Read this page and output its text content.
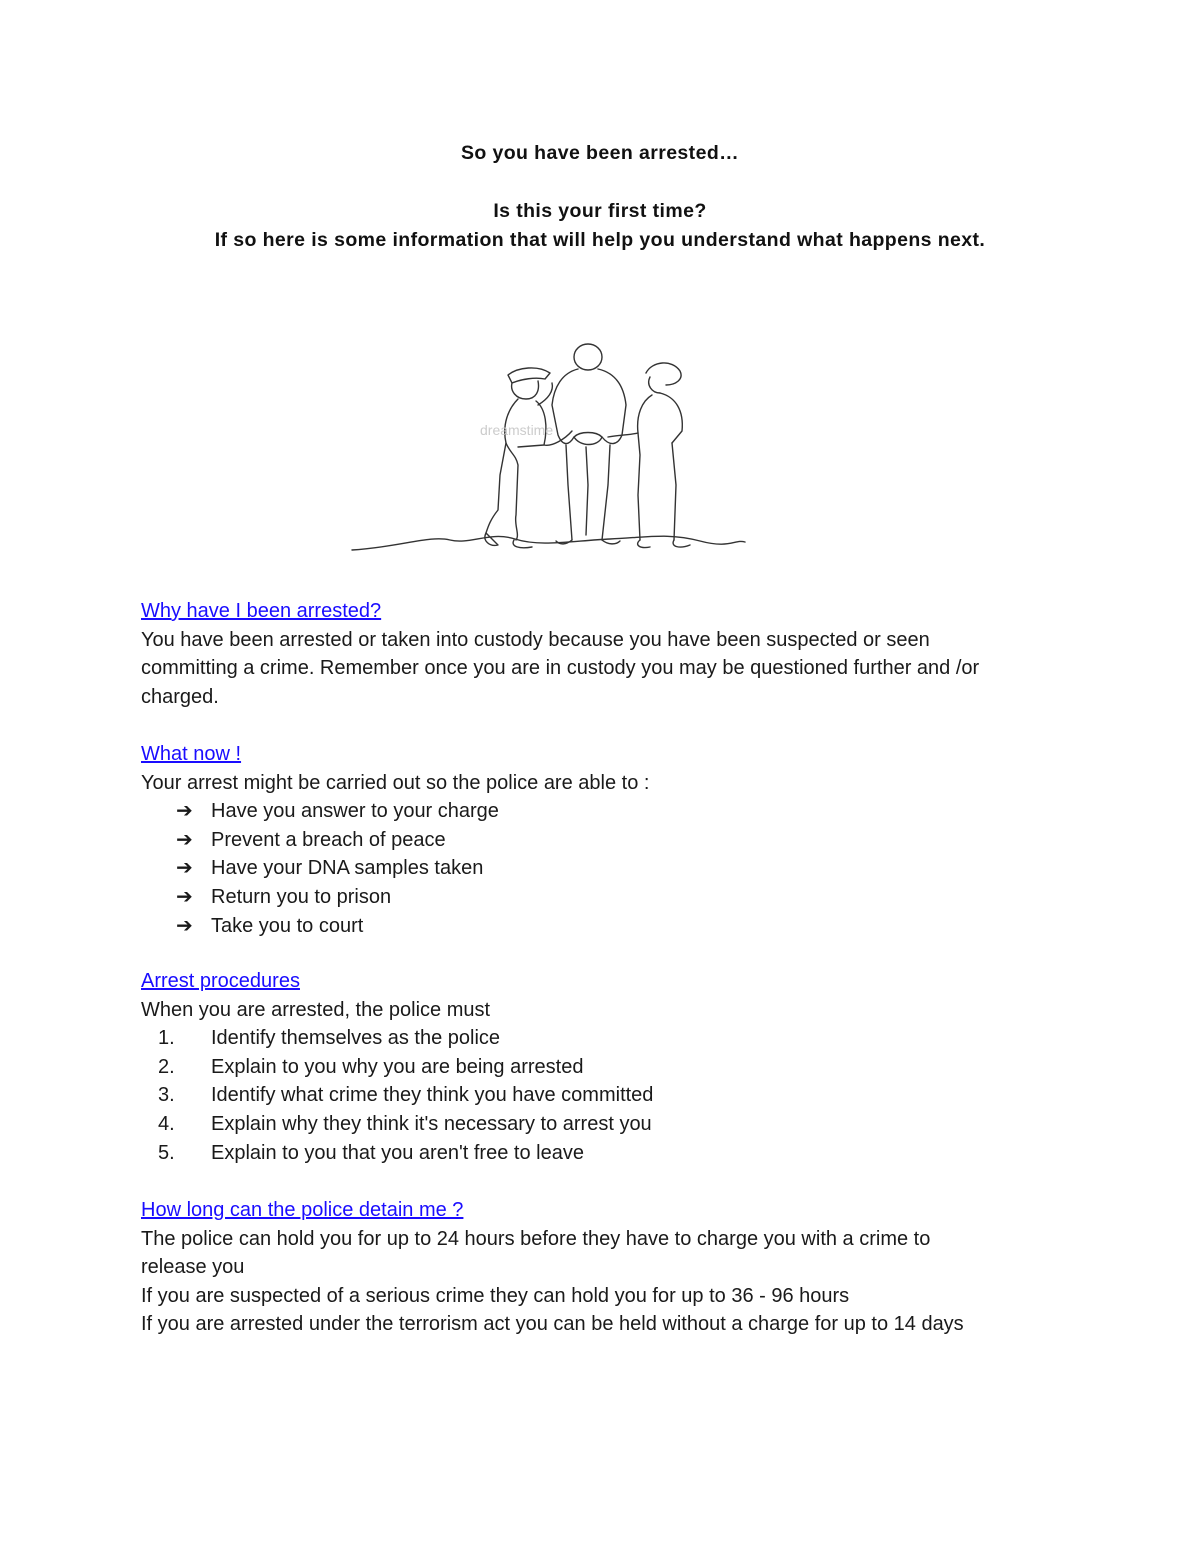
So you have been arrested…
Is this your first time?
If so here is some information that will help you understand what happens next.
dreamstime
Why have I been arrested?
You have been arrested or taken into custody because you have been suspected or seen
committing a crime. Remember once you are in custody you may be questioned further and /or
charged.
What now !
Your arrest might be carried out so the police are able to :
➔ Have you answer to your charge
➔ Prevent a breach of peace
➔ Have your DNA samples taken
➔ Return you to prison
➔ Take you to court
Arrest procedures
When you are arrested, the police must
1. Identify themselves as the police
2. Explain to you why you are being arrested
3. Identify what crime they think you have committed
4. Explain why they think it's necessary to arrest you
5. Explain to you that you aren't free to leave
How long can the police detain me ?
The police can hold you for up to 24 hours before they have to charge you with a crime to
release you
If you are suspected of a serious crime they can hold you for up to 36 - 96 hours
If you are arrested under the terrorism act you can be held without a charge for up to 14 days
